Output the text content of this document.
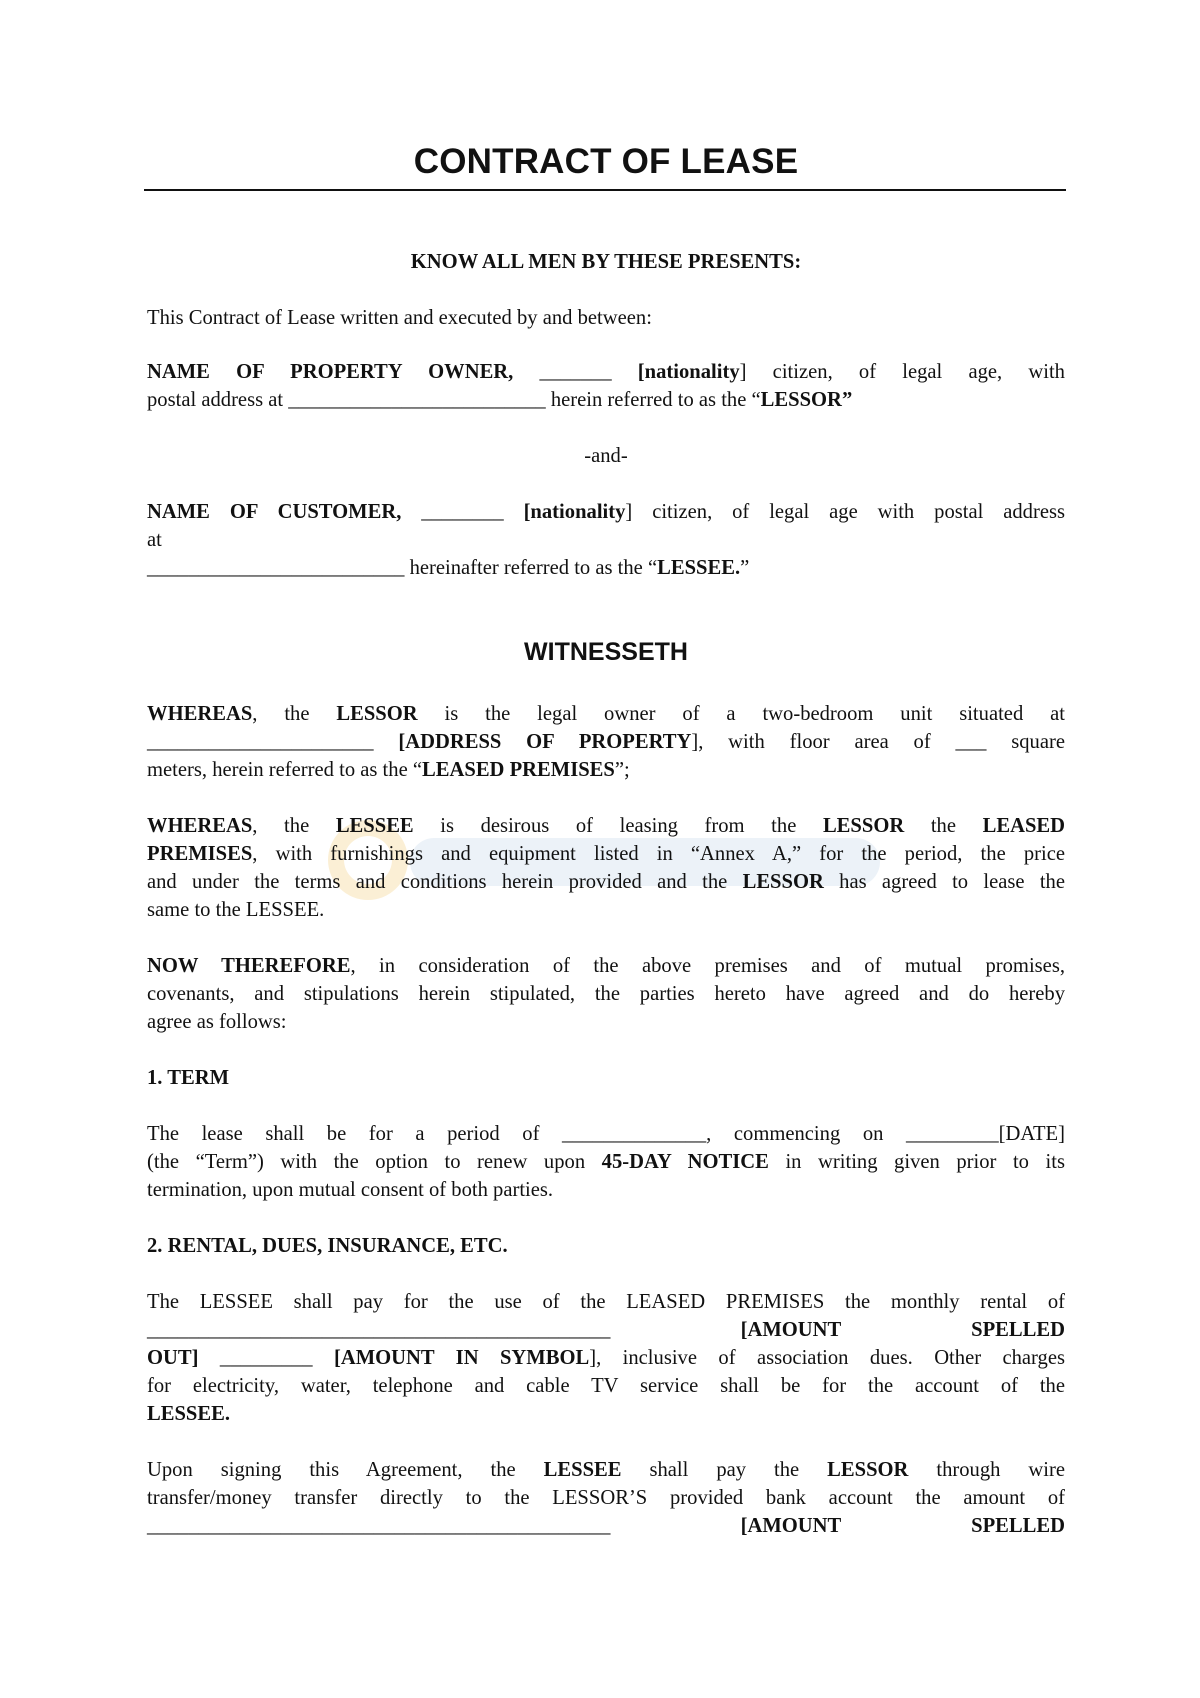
CONTRACT OF LEASE
KNOW ALL MEN BY THESE PRESENTS:
This Contract of Lease written and executed by and between:
NAME OF PROPERTY OWNER, _______ [nationality] citizen, of legal age, with
postal address at _________________________ herein referred to as the “LESSOR”
-and-
NAME OF CUSTOMER, ________ [nationality] citizen, of legal age with postal address
at
_________________________ hereinafter referred to as the “LESSEE.”
WITNESSETH
WHEREAS, the LESSOR is the legal owner of a two-bedroom unit situated at
______________________ [ADDRESS OF PROPERTY], with floor area of ___ square
meters, herein referred to as the “LEASED PREMISES”;
WHEREAS, the LESSEE is desirous of leasing from the LESSOR the LEASED
PREMISES, with furnishings and equipment listed in “Annex A,” for the period, the price
and under the terms and conditions herein provided and the LESSOR has agreed to lease the
same to the LESSEE.
NOW THEREFORE, in consideration of the above premises and of mutual promises,
covenants, and stipulations herein stipulated, the parties hereto have agreed and do hereby
agree as follows:
1. TERM
The lease shall be for a period of ______________, commencing on _________[DATE]
(the “Term”) with the option to renew upon 45-DAY NOTICE in writing given prior to its
termination, upon mutual consent of both parties.
2. RENTAL, DUES, INSURANCE, ETC.
The LESSEE shall pay for the use of the LEASED PREMISES the monthly rental of
_____________________________________________ [AMOUNT SPELLED
OUT] _________ [AMOUNT IN SYMBOL], inclusive of association dues. Other charges
for electricity, water, telephone and cable TV service shall be for the account of the
LESSEE.
Upon signing this Agreement, the LESSEE shall pay the LESSOR through wire
transfer/money transfer directly to the LESSOR’S provided bank account the amount of
_____________________________________________ [AMOUNT SPELLED
